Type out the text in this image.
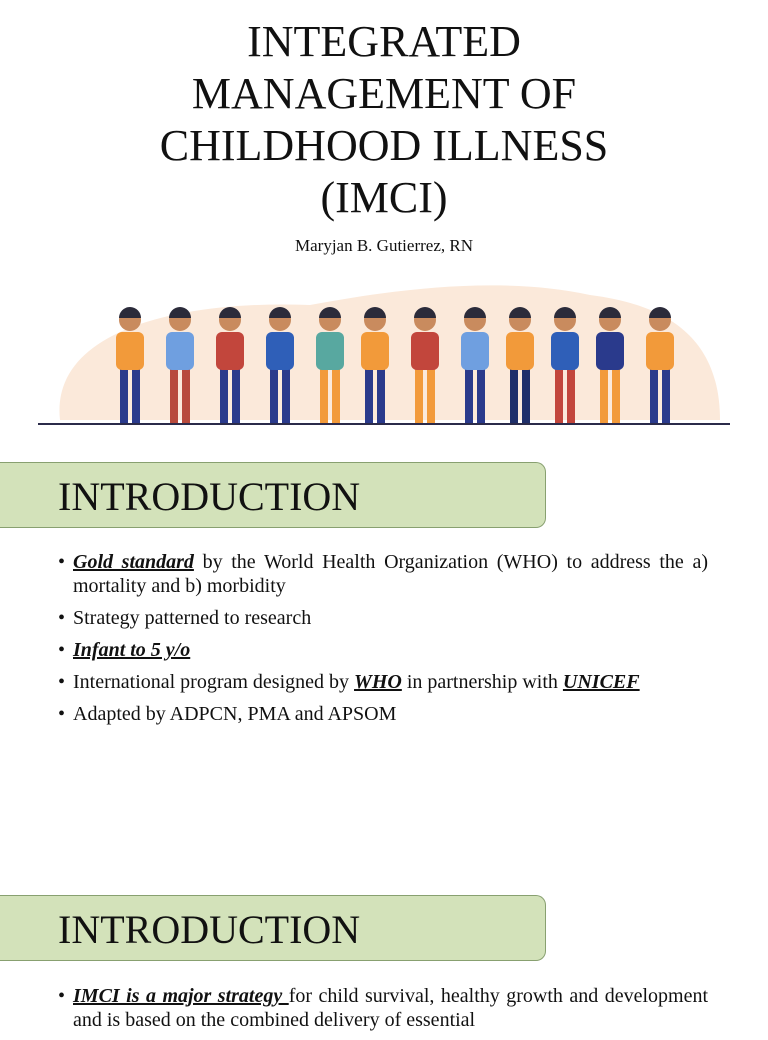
INTEGRATED
MANAGEMENT OF
CHILDHOOD ILLNESS
(IMCI)
Maryjan B. Gutierrez, RN
INTRODUCTION
• Gold standard by the World Health Organization (WHO) to address the a) mortality and b) morbidity
• Strategy patterned to research
• Infant to 5 y/o
• International program designed by WHO in partnership with UNICEF
• Adapted by ADPCN, PMA and APSOM
INTRODUCTION
• IMCI is a major strategy for child survival, healthy growth and development and is based on the combined delivery of essential
